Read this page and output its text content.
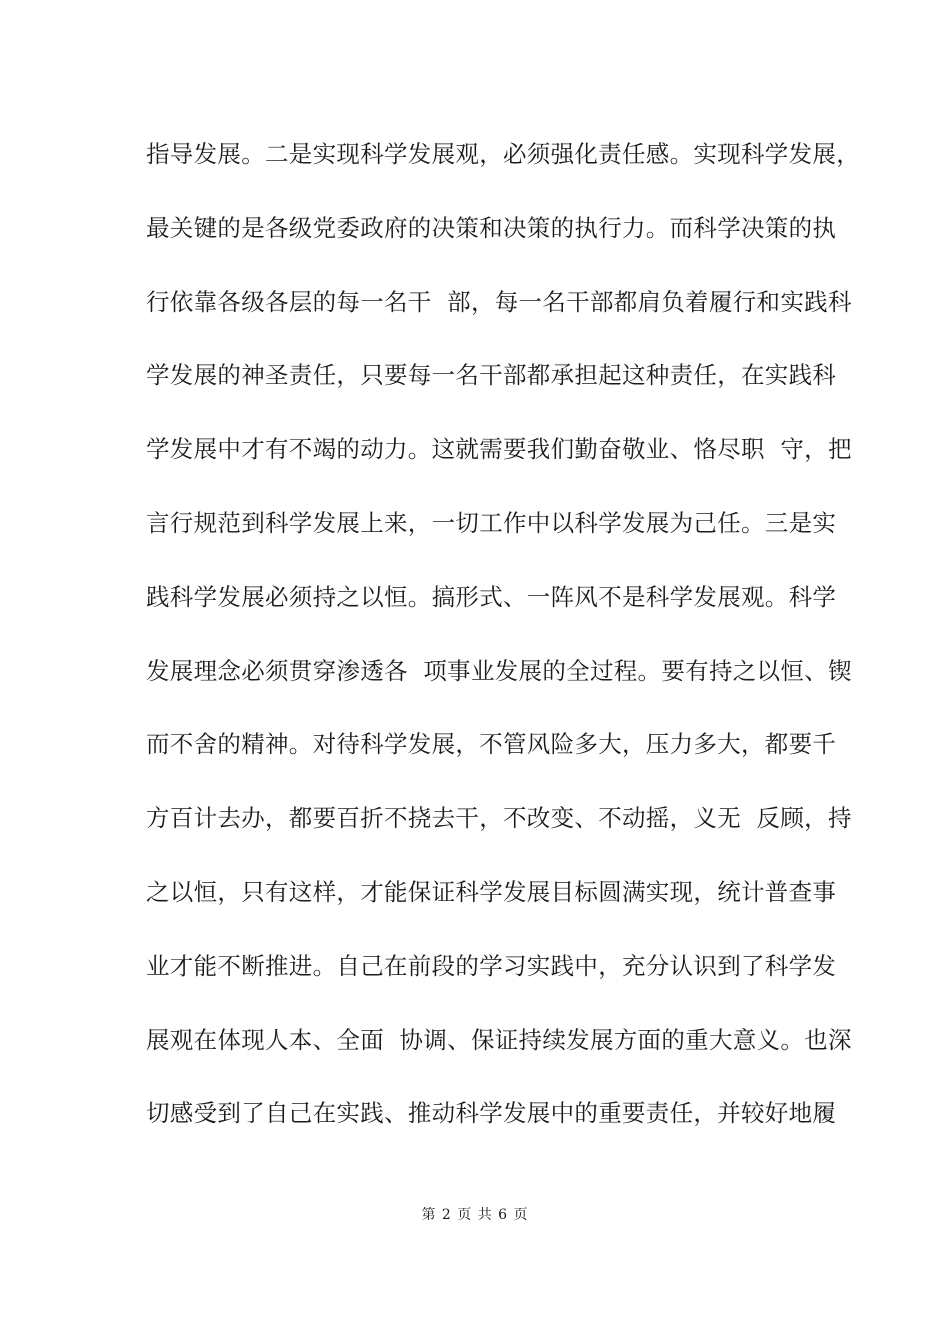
指导发展。二是实现科学发展观，必须强化责任感。实现科学发展，
最关键的是各级党委政府的决策和决策的执行力。而科学决策的执
行依靠各级各层的每一名干  部，每一名干部都肩负着履行和实践科
学发展的神圣责任，只要每一名干部都承担起这种责任，在实践科
学发展中才有不竭的动力。这就需要我们勤奋敬业、恪尽职  守，把
言行规范到科学发展上来，一切工作中以科学发展为己任。三是实
践科学发展必须持之以恒。搞形式、一阵风不是科学发展观。科学
发展理念必须贯穿渗透各  项事业发展的全过程。要有持之以恒、锲
而不舍的精神。对待科学发展，不管风险多大，压力多大，都要千
方百计去办，都要百折不挠去干，不改变、不动摇，义无  反顾，持
之以恒，只有这样，才能保证科学发展目标圆满实现，统计普查事
业才能不断推进。自己在前段的学习实践中，充分认识到了科学发
展观在体现人本、全面  协调、保证持续发展方面的重大意义。也深
切感受到了自己在实践、推动科学发展中的重要责任，并较好地履
第 2 页 共 6 页
